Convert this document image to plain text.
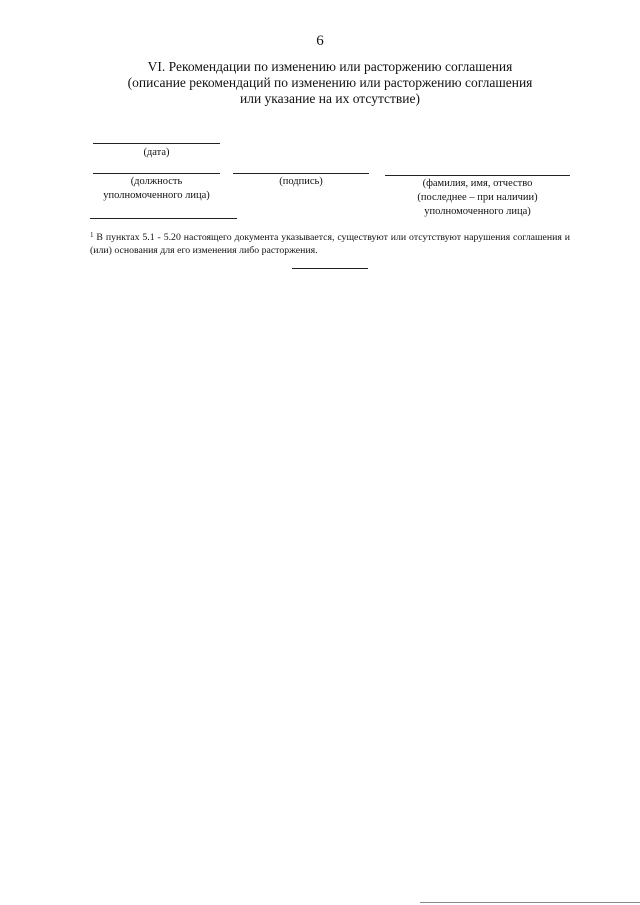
6
VI. Рекомендации по изменению или расторжению соглашения
(описание рекомендаций по изменению или расторжению соглашения
или указание на их отсутствие)
(дата)
(должность
уполномоченного лица)
(подпись)	(фамилия, имя, отчество
(последнее – при наличии)
уполномоченного лица)
$^1$ В пунктах 5.1 - 5.20 настоящего документа указывается, существуют или отсутствуют нарушения соглашения и (или) основания для его изменения либо расторжения.
